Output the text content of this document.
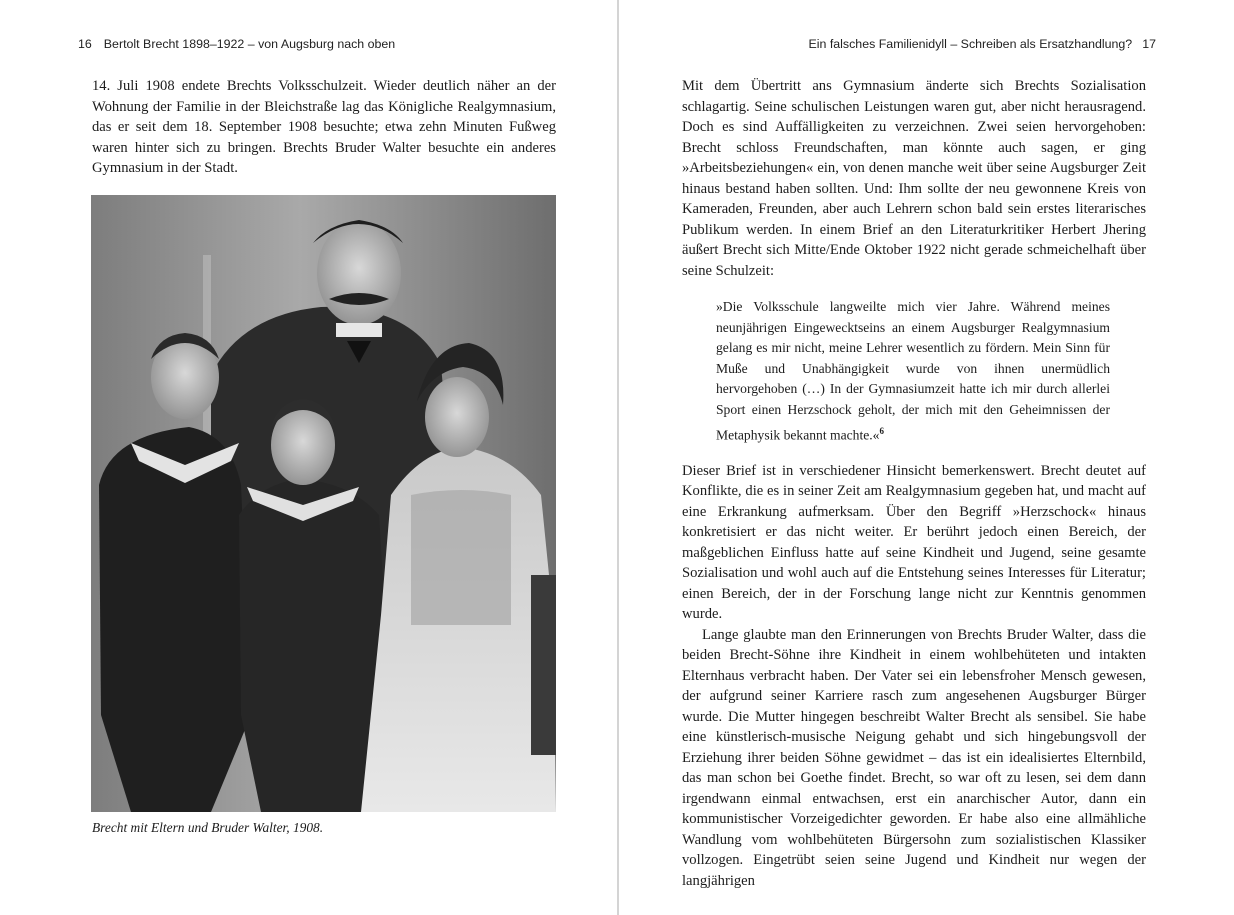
16 Bertolt Brecht 1898–1922 – von Augsburg nach oben

14. Juli 1908 endete Brechts Volksschulzeit. Wieder deutlich näher an der Wohnung der Familie in der Bleichstraße lag das Königliche Realgymnasium, das er seit dem 18. September 1908 besuchte; etwa zehn Minuten Fußweg waren hinter sich zu bringen. Brechts Bruder Walter besuchte ein anderes Gymnasium in der Stadt.

Brecht mit Eltern und Bruder Walter, 1908.
Ein falsches Familienidyll – Schreiben als Ersatzhandlung? 17

Mit dem Übertritt ans Gymnasium änderte sich Brechts Sozialisation schlagartig. Seine schulischen Leistungen waren gut, aber nicht herausragend. Doch es sind Auffälligkeiten zu verzeichnen. Zwei seien hervorgehoben: Brecht schloss Freundschaften, man könnte auch sagen, er ging »Arbeitsbeziehungen« ein, von denen manche weit über seine Augsburger Zeit hinaus bestand haben sollten. Und: Ihm sollte der neu gewonnene Kreis von Kameraden, Freunden, aber auch Lehrern schon bald sein erstes literarisches Publikum werden. In einem Brief an den Literaturkritiker Herbert Jhering äußert Brecht sich Mitte/Ende Oktober 1922 nicht gerade schmeichelhaft über seine Schulzeit:

»Die Volksschule langweilte mich vier Jahre. Während meines neunjährigen Eingewecktseins an einem Augsburger Realgymnasium gelang es mir nicht, meine Lehrer wesentlich zu fördern. Mein Sinn für Muße und Unabhängigkeit wurde von ihnen unermüdlich hervorgehoben (…) In der Gymnasiumzeit hatte ich mir durch allerlei Sport einen Herzschock geholt, der mich mit den Geheimnissen der Metaphysik bekannt machte.«$^6$

Dieser Brief ist in verschiedener Hinsicht bemerkenswert. Brecht deutet auf Konflikte, die es in seiner Zeit am Realgymnasium gegeben hat, und macht auf eine Erkrankung aufmerksam. Über den Begriff »Herzschock« hinaus konkretisiert er das nicht weiter. Er berührt jedoch einen Bereich, der maßgeblichen Einfluss hatte auf seine Kindheit und Jugend, seine gesamte Sozialisation und wohl auch auf die Entstehung seines Interesses für Literatur; einen Bereich, der in der Forschung lange nicht zur Kenntnis genommen wurde.

Lange glaubte man den Erinnerungen von Brechts Bruder Walter, dass die beiden Brecht-Söhne ihre Kindheit in einem wohlbehüteten und intakten Elternhaus verbracht haben. Der Vater sei ein lebensfroher Mensch gewesen, der aufgrund seiner Karriere rasch zum angesehenen Augsburger Bürger wurde. Die Mutter hingegen beschreibt Walter Brecht als sensibel. Sie habe eine künstlerisch-musische Neigung gehabt und sich hingebungsvoll der Erziehung ihrer beiden Söhne gewidmet – das ist ein idealisiertes Elternbild, das man schon bei Goethe findet. Brecht, so war oft zu lesen, sei dem dann irgendwann einmal entwachsen, erst ein anarchischer Autor, dann ein kommunistischer Vorzeigedichter geworden. Er habe also eine allmähliche Wandlung vom wohlbehüteten Bürgersohn zum sozialistischen Klassiker vollzogen. Eingetrübt seien seine Jugend und Kindheit nur wegen der langjährigen
